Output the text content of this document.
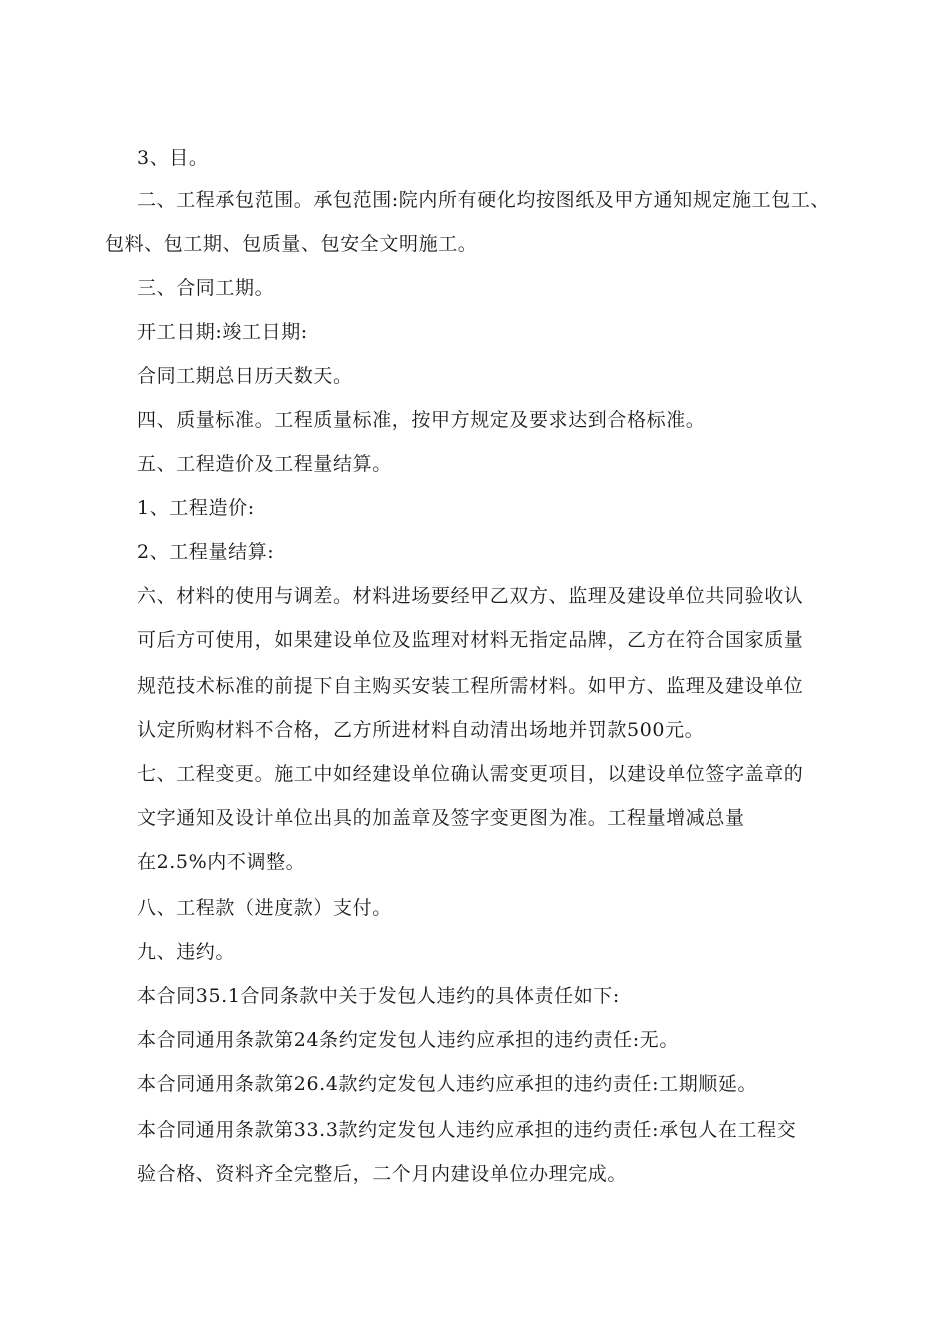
3、目。
二、工程承包范围。承包范围:院内所有硬化均按图纸及甲方通知规定施工包工、
包料、包工期、包质量、包安全文明施工。
三、合同工期。
开工日期:竣工日期:
合同工期总日历天数天。
四、质量标准。工程质量标准，按甲方规定及要求达到合格标准。
五、工程造价及工程量结算。
1、工程造价:
2、工程量结算:
六、材料的使用与调差。材料进场要经甲乙双方、监理及建设单位共同验收认
可后方可使用，如果建设单位及监理对材料无指定品牌，乙方在符合国家质量
规范技术标准的前提下自主购买安装工程所需材料。如甲方、监理及建设单位
认定所购材料不合格，乙方所进材料自动清出场地并罚款500元。
七、工程变更。施工中如经建设单位确认需变更项目，以建设单位签字盖章的
文字通知及设计单位出具的加盖章及签字变更图为准。工程量增减总量
在2.5%内不调整。
八、工程款（进度款）支付。
九、违约。
本合同35.1合同条款中关于发包人违约的具体责任如下:
本合同通用条款第24条约定发包人违约应承担的违约责任:无。
本合同通用条款第26.4款约定发包人违约应承担的违约责任:工期顺延。
本合同通用条款第33.3款约定发包人违约应承担的违约责任:承包人在工程交
验合格、资料齐全完整后，二个月内建设单位办理完成。
